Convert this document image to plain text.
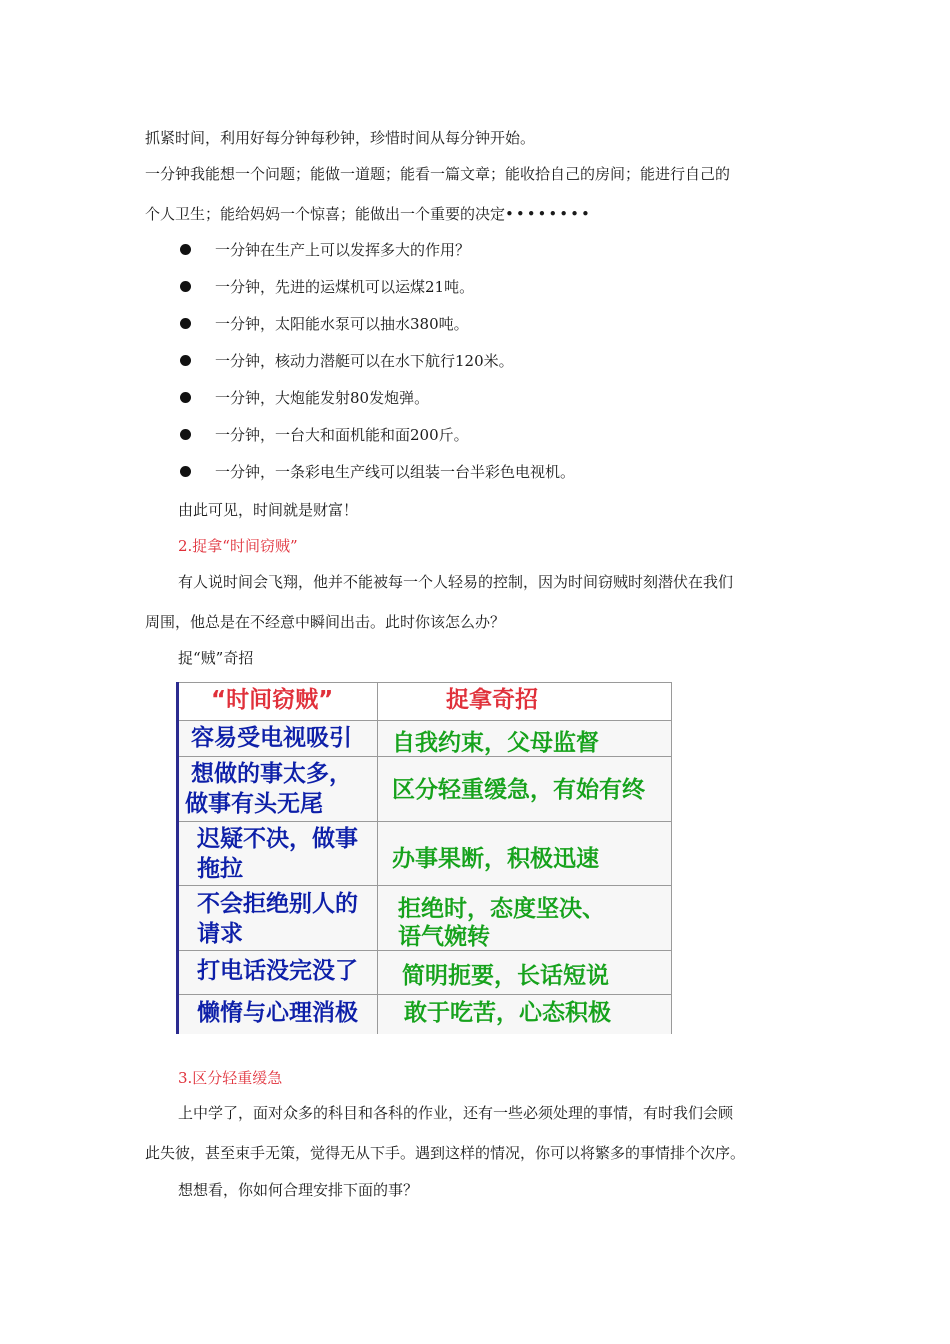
抓紧时间，利用好每分钟每秒钟，珍惜时间从每分钟开始。
一分钟我能想一个问题；能做一道题；能看一篇文章；能收拾自己的房间；能进行自己的
个人卫生；能给妈妈一个惊喜；能做出一个重要的决定••••••••
一分钟在生产上可以发挥多大的作用？
一分钟，先进的运煤机可以运煤21吨。
一分钟，太阳能水泵可以抽水380吨。
一分钟，核动力潜艇可以在水下航行120米。
一分钟，大炮能发射80发炮弹。
一分钟，一台大和面机能和面200斤。
一分钟，一条彩电生产线可以组装一台半彩色电视机。
由此可见，时间就是财富！
2.捉拿“时间窃贼”
有人说时间会飞翔，他并不能被每一个人轻易的控制，因为时间窃贼时刻潜伏在我们
周围，他总是在不经意中瞬间出击。此时你该怎么办？
捉“贼”奇招
“时间窃贼”	捉拿奇招
容易受电视吸引 自我约束，父母监督
想做的事太多，
做事有头无尾
区分轻重缓急，有始有终
迟疑不决，做事
拖拉	办事果断，积极迅速
不会拒绝别人的
请求
拒绝时，态度坚决、
语气婉转
打电话没完没了 简明扼要，长话短说
懒惰与心理消极 敢于吃苦，心态积极
3.区分轻重缓急
上中学了，面对众多的科目和各科的作业，还有一些必须处理的事情，有时我们会顾
此失彼，甚至束手无策，觉得无从下手。遇到这样的情况，你可以将繁多的事情排个次序。
想想看，你如何合理安排下面的事？
